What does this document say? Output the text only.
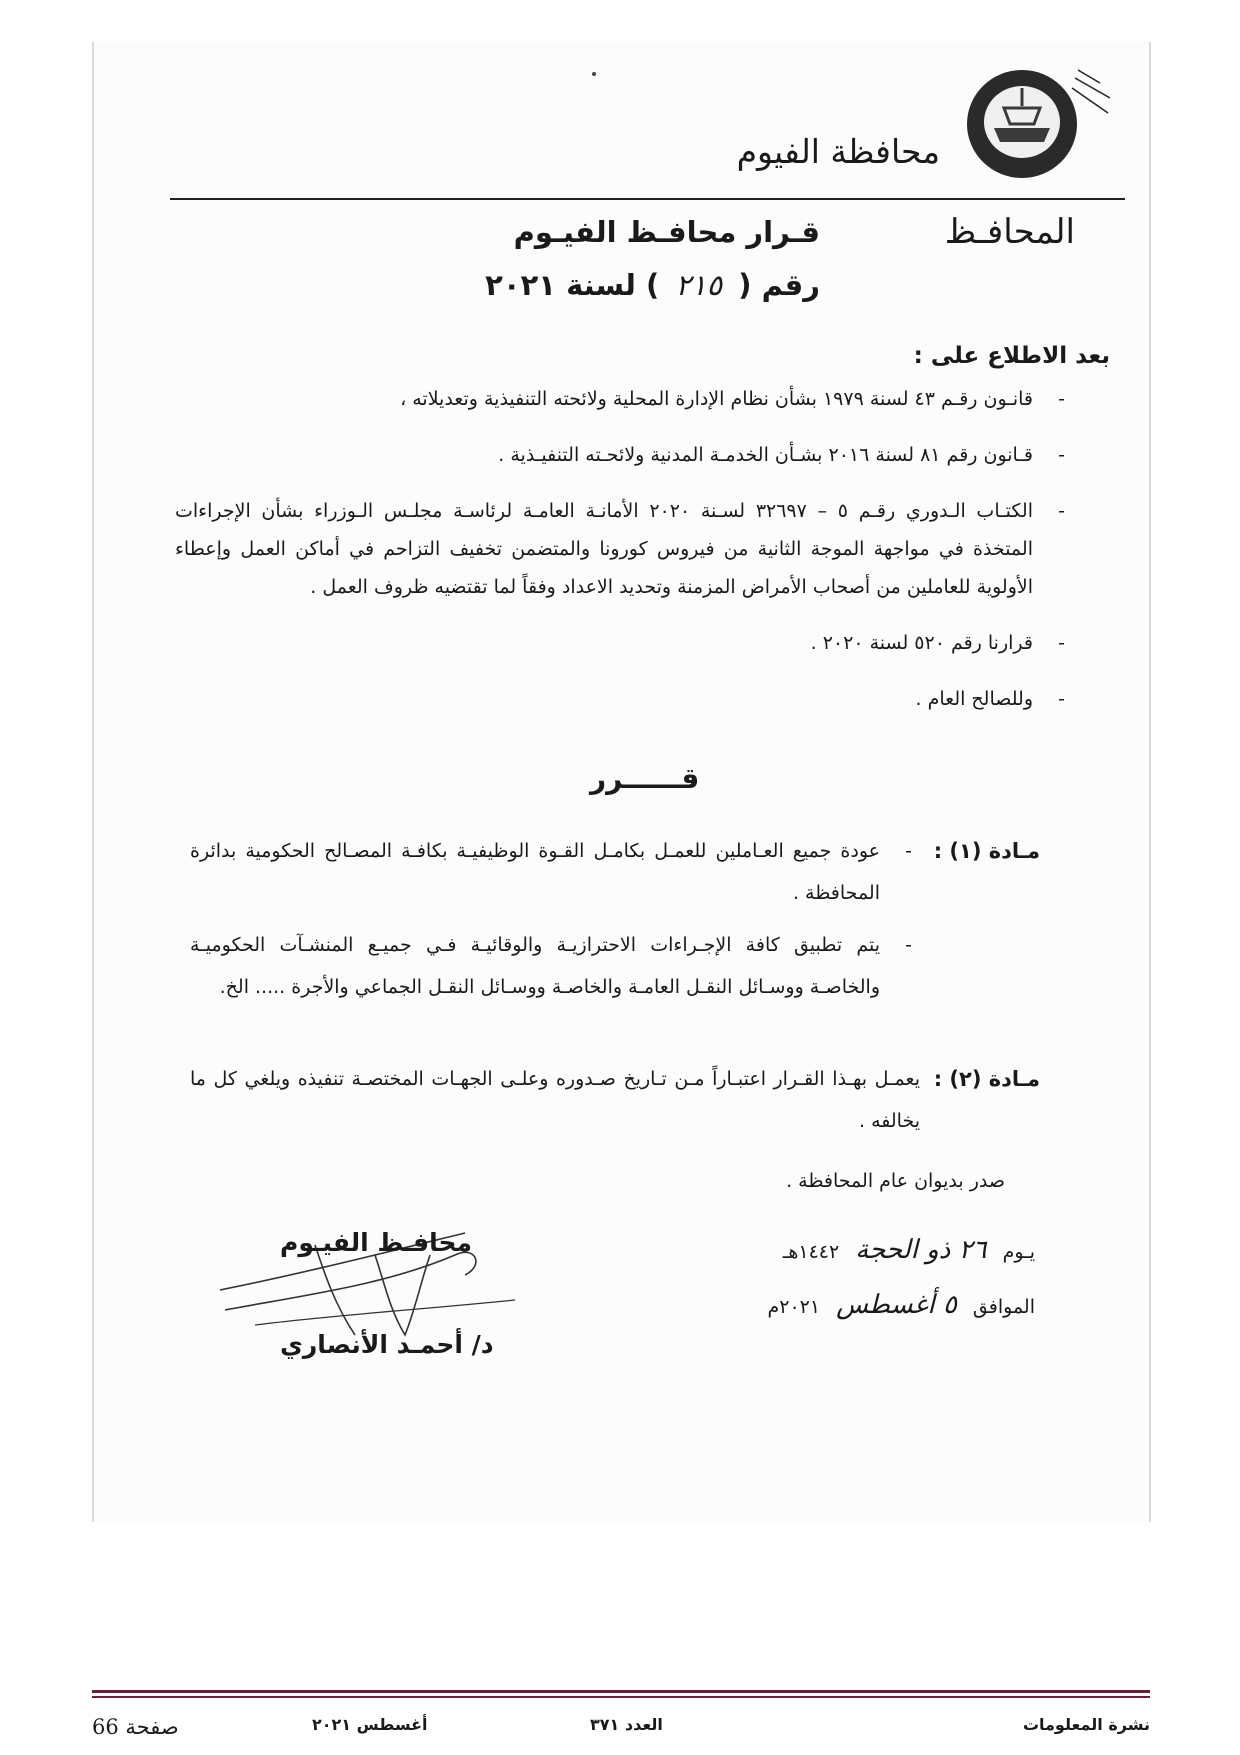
محافظة الفيوم
المحافـظ
قـرار محافـظ الفيـوم
رقم ( ٢١٥ ) لسنة ٢٠٢١
بعد الاطلاع على :
-
قانـون رقـم ٤٣ لسنة ١٩٧٩ بشأن نظام الإدارة المحلية ولائحته التنفيذية وتعديلاته ،
-
قـانون رقم ٨١ لسنة ٢٠١٦ بشـأن الخدمـة المدنية ولائحـته التنفيـذية .
-
الكتـاب الـدوري رقـم ٥ – ٣٢٦٩٧ لسـنة ٢٠٢٠ الأمانـة العامـة لرئاسـة مجلـس الـوزراء بشأن الإجراءات المتخذة في مواجهة الموجة الثانية من فيروس كورونا والمتضمن تخفيف التزاحم في أماكن العمل وإعطاء الأولوية للعاملين من أصحاب الأمراض المزمنة وتحديد الاعداد وفقاً لما تقتضيه ظروف العمل .
-
قرارنا رقم ٥٢٠ لسنة ٢٠٢٠ .
-
وللصالح العام .
قــــــرر
مـادة (١) :
-
عودة جميع العـاملين للعمـل بكامـل القـوة الوظيفيـة بكافـة المصـالح الحكومية بدائرة المحافظة .
-
يتم تطبيق كافة الإجـراءات الاحترازيـة والوقائيـة فـي جميـع المنشـآت الحكوميـة والخاصـة ووسـائل النقـل العامـة والخاصـة ووسـائل النقـل الجماعي والأجرة ..... الخ.
مـادة (٢) :
يعمـل بهـذا القـرار اعتبـاراً مـن تـاريخ صـدوره وعلـى الجهـات المختصـة تنفيذه ويلغي كل ما يخالفه .
صدر بديوان عام المحافظة .
يـوم ٢٦ ذو الحجة ١٤٤٢هـ
الموافق ٥ أغسطس ٢٠٢١م
محافـظ الفيـوم
د/ أحمـد الأنصاري
نشرة المعلومات
العدد ٣٧١
أغسطس ٢٠٢١
صفحة 66
